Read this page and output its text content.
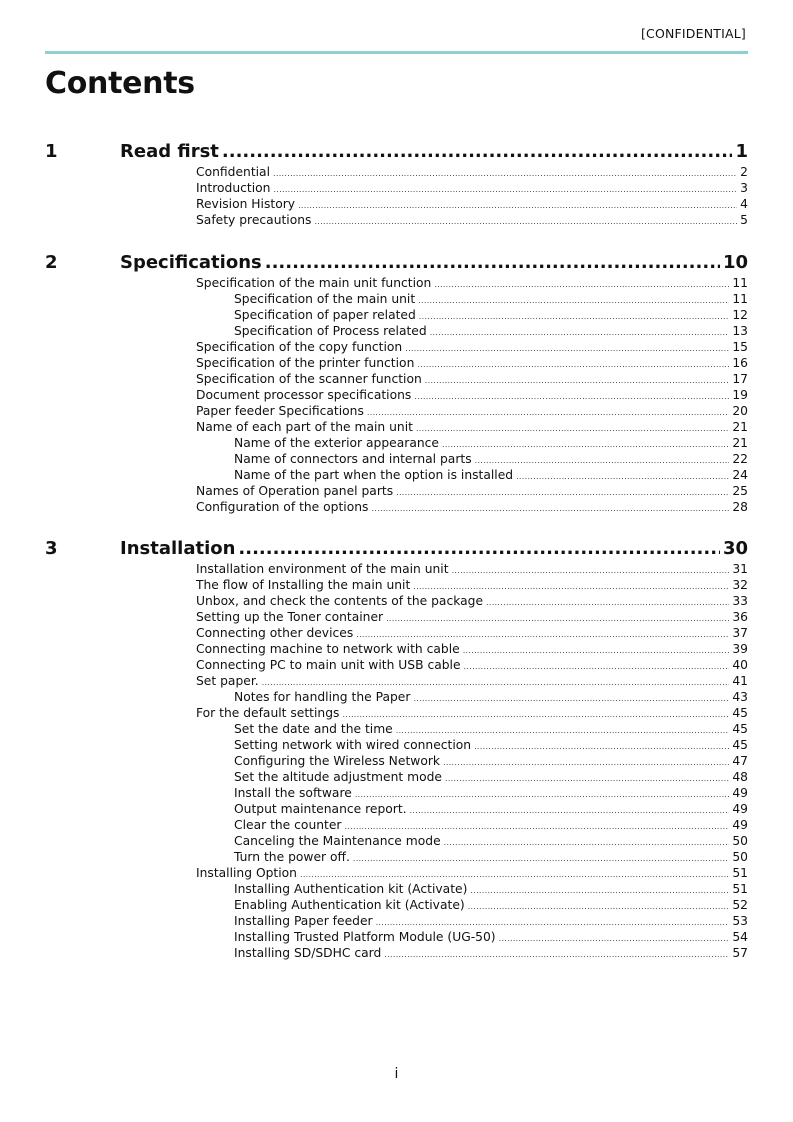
[CONFIDENTIAL]
Contents
1	Read first .....	1
Confidential .....	2
Introduction .....	3
Revision History .....	4
Safety precautions .....	5
2	Specifications .....	10
Specification of the main unit function .....	11
Specification of the main unit .....	11
Specification of paper related .....	12
Specification of Process related .....	13
Specification of the copy function .....	15
Specification of the printer function .....	16
Specification of the scanner function .....	17
Document processor specifications .....	19
Paper feeder Specifications .....	20
Name of each part of the main unit .....	21
Name of the exterior appearance .....	21
Name of connectors and internal parts .....	22
Name of the part when the option is installed .....	24
Names of Operation panel parts .....	25
Configuration of the options .....	28
3	Installation .....	30
Installation environment of the main unit .....	31
The flow of Installing the main unit .....	32
Unbox, and check the contents of the package .....	33
Setting up the Toner container .....	36
Connecting other devices .....	37
Connecting machine to network with cable .....	39
Connecting PC to main unit with USB cable .....	40
Set paper. .....	41
Notes for handling the Paper .....	43
For the default settings .....	45
Set the date and the time .....	45
Setting network with wired connection .....	45
Configuring the Wireless Network .....	47
Set the altitude adjustment mode .....	48
Install the software .....	49
Output maintenance report. .....	49
Clear the counter .....	49
Canceling the Maintenance mode .....	50
Turn the power off. .....	50
Installing Option .....	51
Installing Authentication kit (Activate) .....	51
Enabling Authentication kit (Activate) .....	52
Installing Paper feeder .....	53
Installing Trusted Platform Module (UG-50) .....	54
Installing SD/SDHC card .....	57
i
